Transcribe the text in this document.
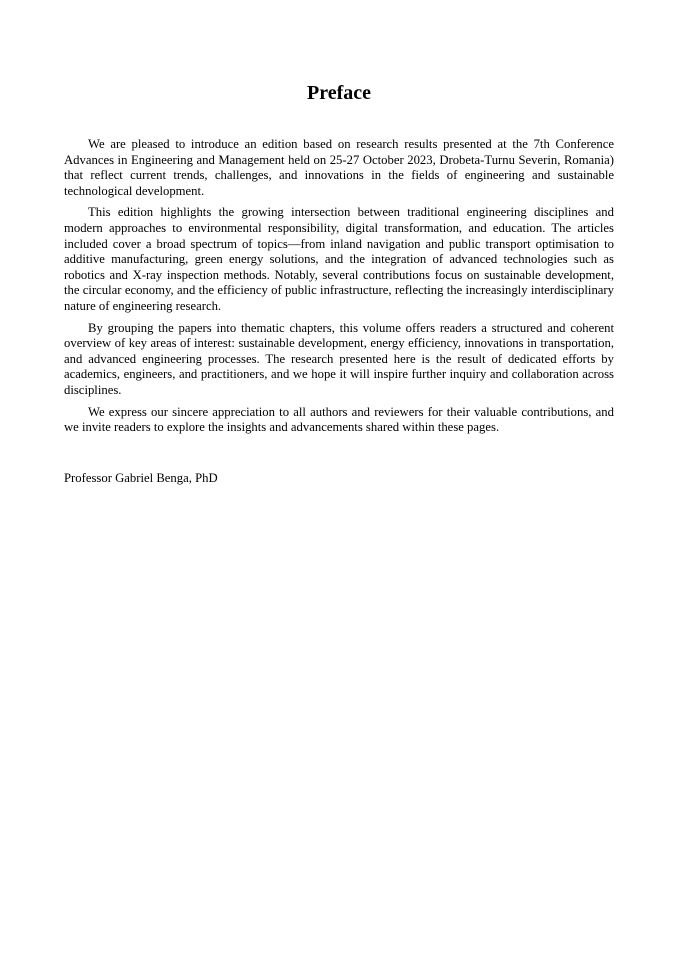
Preface

We are pleased to introduce an edition based on research results presented at the 7th Conference Advances in Engineering and Management held on 25-27 October 2023, Drobeta-Turnu Severin, Romania) that reflect current trends, challenges, and innovations in the fields of engineering and sustainable technological development.

This edition highlights the growing intersection between traditional engineering disciplines and modern approaches to environmental responsibility, digital transformation, and education. The articles included cover a broad spectrum of topics—from inland navigation and public transport optimisation to additive manufacturing, green energy solutions, and the integration of advanced technologies such as robotics and X-ray inspection methods. Notably, several contributions focus on sustainable development, the circular economy, and the efficiency of public infrastructure, reflecting the increasingly interdisciplinary nature of engineering research.

By grouping the papers into thematic chapters, this volume offers readers a structured and coherent overview of key areas of interest: sustainable development, energy efficiency, innovations in transportation, and advanced engineering processes. The research presented here is the result of dedicated efforts by academics, engineers, and practitioners, and we hope it will inspire further inquiry and collaboration across disciplines.

We express our sincere appreciation to all authors and reviewers for their valuable contributions, and we invite readers to explore the insights and advancements shared within these pages.

Professor Gabriel Benga, PhD
